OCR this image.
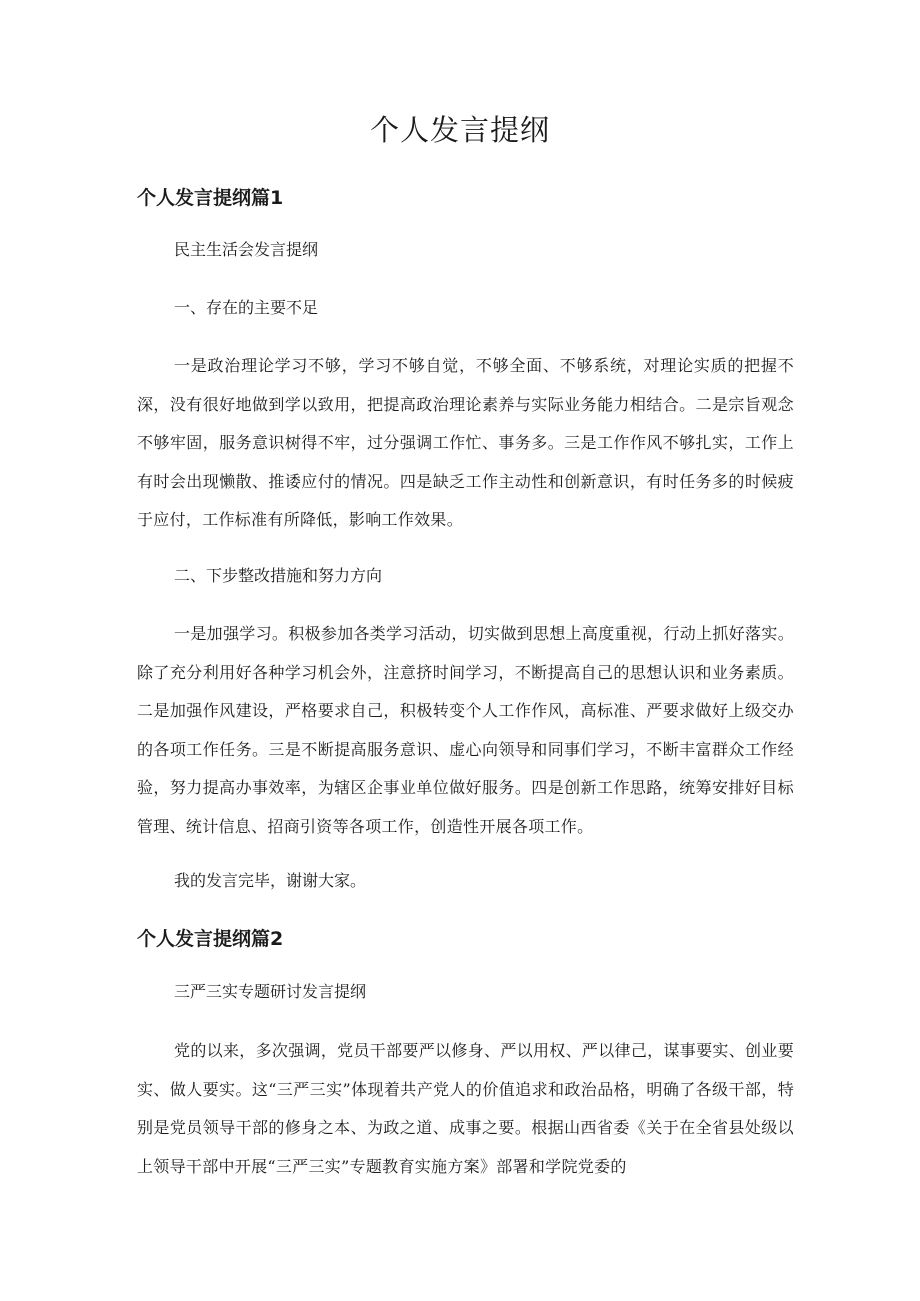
个人发言提纲
个人发言提纲篇1

民主生活会发言提纲

一、存在的主要不足

一是政治理论学习不够，学习不够自觉，不够全面、不够系统，对理论实质的把握不深，没有很好地做到学以致用，把提高政治理论素养与实际业务能力相结合。二是宗旨观念不够牢固，服务意识树得不牢，过分强调工作忙、事务多。三是工作作风不够扎实，工作上有时会出现懒散、推诿应付的情况。四是缺乏工作主动性和创新意识，有时任务多的时候疲于应付，工作标准有所降低，影响工作效果。

二、下步整改措施和努力方向

一是加强学习。积极参加各类学习活动，切实做到思想上高度重视，行动上抓好落实。除了充分利用好各种学习机会外，注意挤时间学习，不断提高自己的思想认识和业务素质。二是加强作风建设，严格要求自己，积极转变个人工作作风，高标准、严要求做好上级交办的各项工作任务。三是不断提高服务意识、虚心向领导和同事们学习，不断丰富群众工作经验，努力提高办事效率，为辖区企事业单位做好服务。四是创新工作思路，统筹安排好目标管理、统计信息、招商引资等各项工作，创造性开展各项工作。

我的发言完毕，谢谢大家。

个人发言提纲篇2

三严三实专题研讨发言提纲

党的以来，多次强调，党员干部要严以修身、严以用权、严以律己，谋事要实、创业要实、做人要实。这“三严三实”体现着共产党人的价值追求和政治品格，明确了各级干部，特别是党员领导干部的修身之本、为政之道、成事之要。根据山西省委《关于在全省县处级以上领导干部中开展“三严三实”专题教育实施方案》部署和学院党委的
